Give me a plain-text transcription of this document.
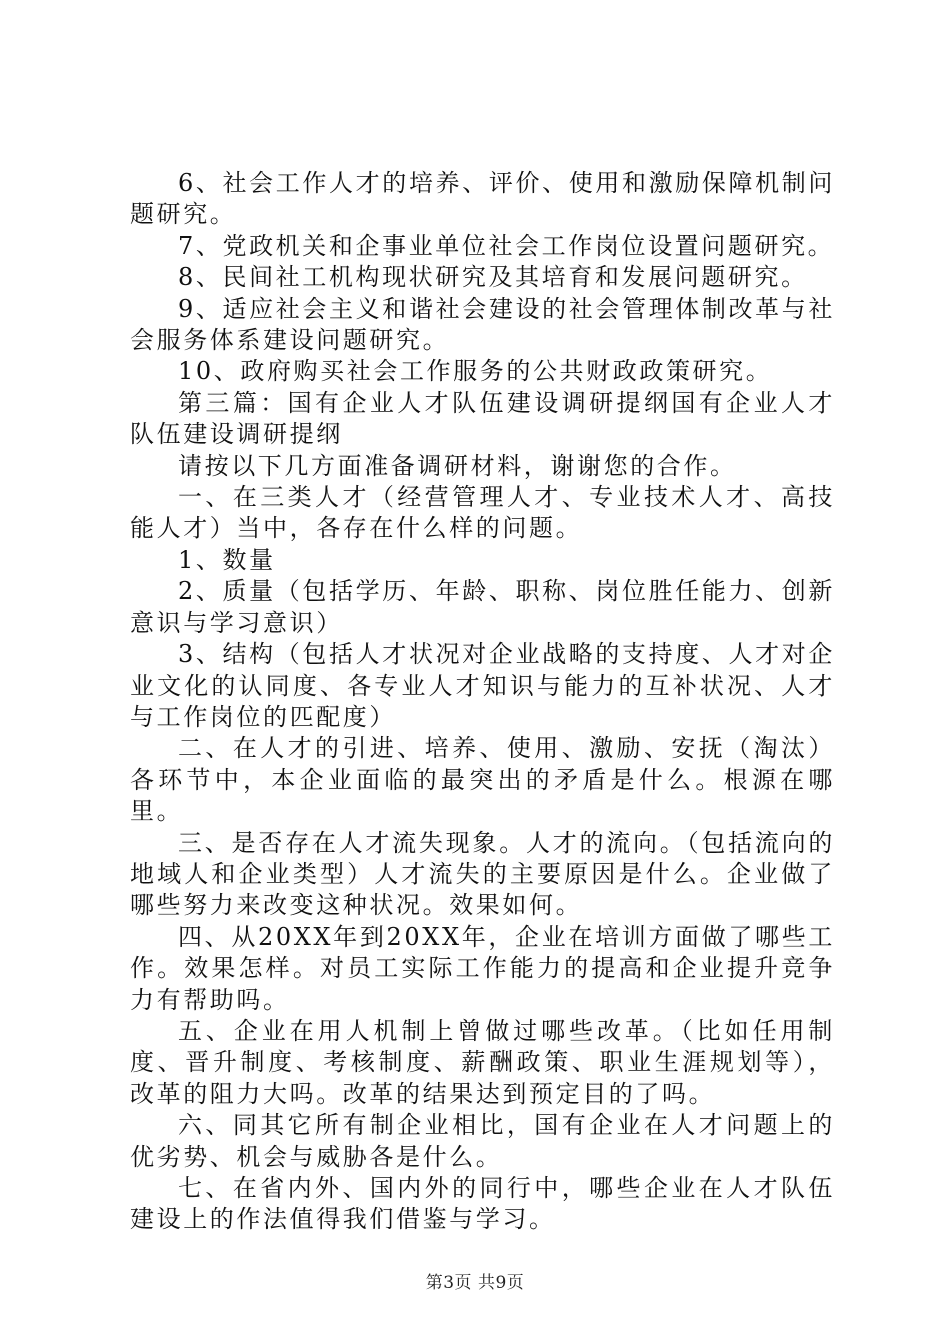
6、社会工作人才的培养、评价、使用和激励保障机制问题研究。

7、党政机关和企事业单位社会工作岗位设置问题研究。

8、民间社工机构现状研究及其培育和发展问题研究。

9、适应社会主义和谐社会建设的社会管理体制改革与社会服务体系建设问题研究。

10、政府购买社会工作服务的公共财政政策研究。

第三篇：国有企业人才队伍建设调研提纲国有企业人才队伍建设调研提纲

请按以下几方面准备调研材料，谢谢您的合作。

一、在三类人才（经营管理人才、专业技术人才、高技能人才）当中，各存在什么样的问题。

1、数量

2、质量（包括学历、年龄、职称、岗位胜任能力、创新意识与学习意识）

3、结构（包括人才状况对企业战略的支持度、人才对企业文化的认同度、各专业人才知识与能力的互补状况、人才与工作岗位的匹配度）

二、在人才的引进、培养、使用、激励、安抚（淘汰）各环节中，本企业面临的最突出的矛盾是什么。根源在哪里。

三、是否存在人才流失现象。人才的流向。（包括流向的地域人和企业类型）人才流失的主要原因是什么。企业做了哪些努力来改变这种状况。效果如何。

四、从20XX年到20XX年，企业在培训方面做了哪些工作。效果怎样。对员工实际工作能力的提高和企业提升竞争力有帮助吗。

五、企业在用人机制上曾做过哪些改革。（比如任用制度、晋升制度、考核制度、薪酬政策、职业生涯规划等），改革的阻力大吗。改革的结果达到预定目的了吗。

六、同其它所有制企业相比，国有企业在人才问题上的优劣势、机会与威胁各是什么。

七、在省内外、国内外的同行中，哪些企业在人才队伍建设上的作法值得我们借鉴与学习。

第3页 共9页
